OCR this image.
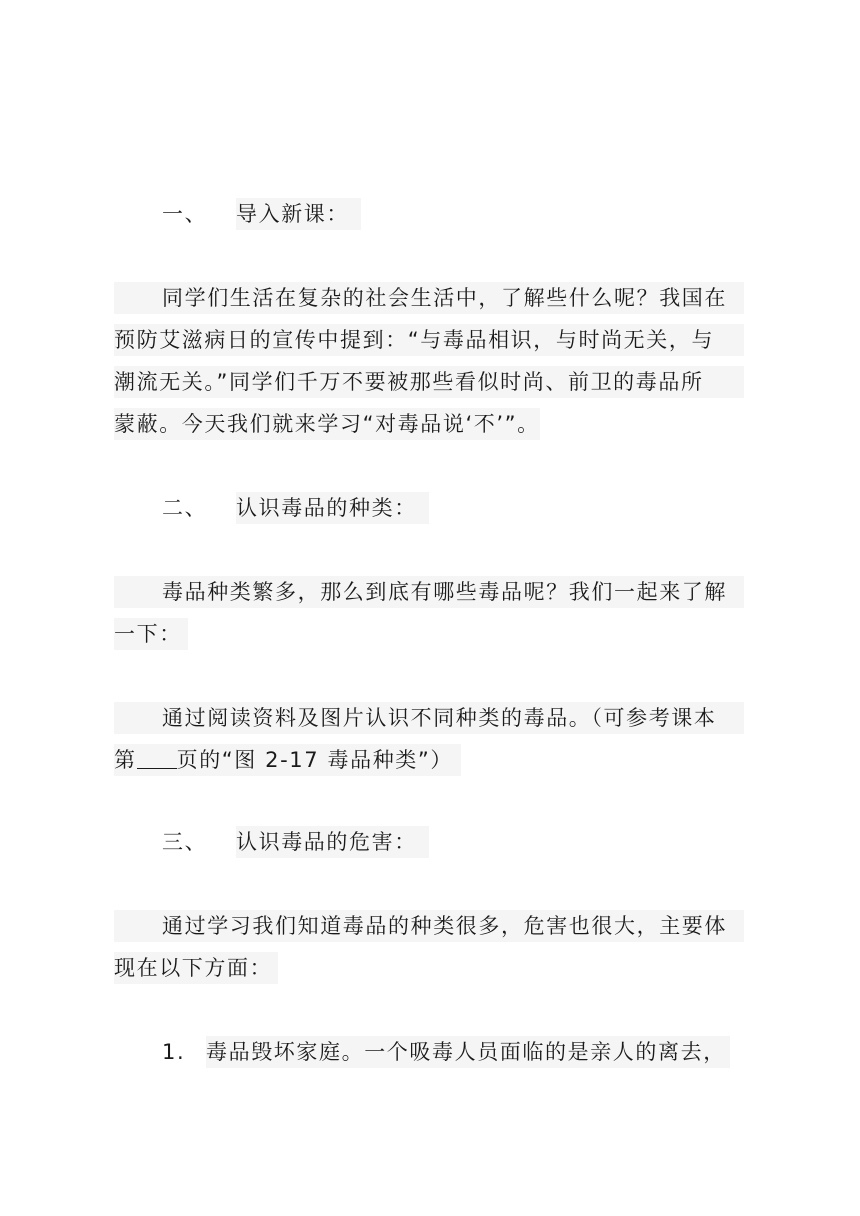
一、 导入新课：
同学们生活在复杂的社会生活中，了解些什么呢？我国在
预防艾滋病日的宣传中提到：“与毒品相识，与时尚无关，与
潮流无关。”同学们千万不要被那些看似时尚、前卫的毒品所
蒙蔽。今天我们就来学习“对毒品说‘不’”。
二、 认识毒品的种类：
毒品种类繁多，那么到底有哪些毒品呢？我们一起来了解
一下：
通过阅读资料及图片认识不同种类的毒品。（可参考课本
第 页的“图 2-17 毒品种类”）
三、 认识毒品的危害：
通过学习我们知道毒品的种类很多，危害也很大，主要体
现在以下方面：
1. 毒品毁坏家庭。一个吸毒人员面临的是亲人的离去，
